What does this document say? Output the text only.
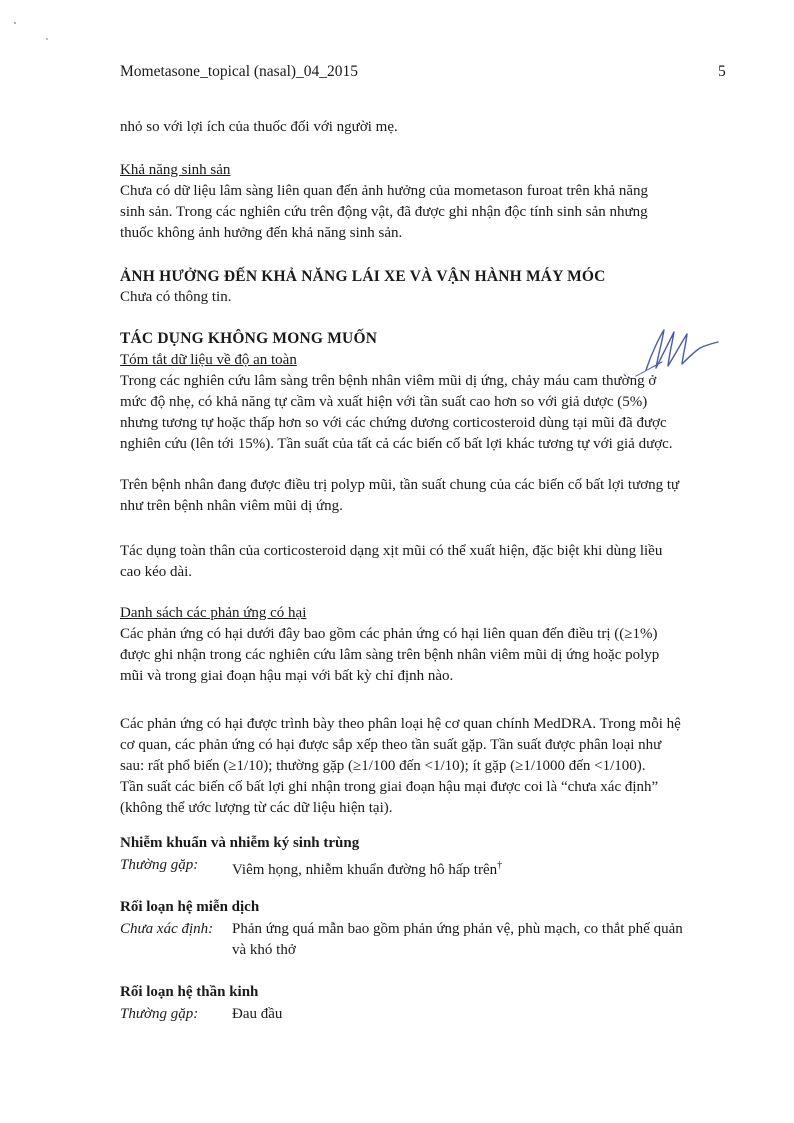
Mometasone_topical (nasal)_04_2015	5
nhỏ so với lợi ích của thuốc đối với người mẹ.
Khả năng sinh sản
Chưa có dữ liệu lâm sàng liên quan đến ảnh hưởng của mometason furoat trên khả năng
sinh sản. Trong các nghiên cứu trên động vật, đã được ghi nhận độc tính sinh sản nhưng
thuốc không ảnh hưởng đến khả năng sinh sản.
ẢNH HƯỞNG ĐẾN KHẢ NĂNG LÁI XE VÀ VẬN HÀNH MÁY MÓC
Chưa có thông tin.
TÁC DỤNG KHÔNG MONG MUỐN
Tóm tắt dữ liệu về độ an toàn
Trong các nghiên cứu lâm sàng trên bệnh nhân viêm mũi dị ứng, chảy máu cam thường ở
mức độ nhẹ, có khả năng tự cầm và xuất hiện với tần suất cao hơn so với giả dược (5%)
nhưng tương tự hoặc thấp hơn so với các chứng dương corticosteroid dùng tại mũi đã được
nghiên cứu (lên tới 15%). Tần suất của tất cả các biến cố bất lợi khác tương tự với giả dược.
Trên bệnh nhân đang được điều trị polyp mũi, tần suất chung của các biến cố bất lợi tương tự
như trên bệnh nhân viêm mũi dị ứng.
Tác dụng toàn thân của corticosteroid dạng xịt mũi có thể xuất hiện, đặc biệt khi dùng liều
cao kéo dài.
Danh sách các phản ứng có hại
Các phản ứng có hại dưới đây bao gồm các phản ứng có hại liên quan đến điều trị ((≥1%)
được ghi nhận trong các nghiên cứu lâm sàng trên bệnh nhân viêm mũi dị ứng hoặc polyp
mũi và trong giai đoạn hậu mại với bất kỳ chỉ định nào.
Các phản ứng có hại được trình bày theo phân loại hệ cơ quan chính MedDRA. Trong mỗi hệ
cơ quan, các phản ứng có hại được sắp xếp theo tần suất gặp. Tần suất được phân loại như
sau: rất phổ biến (≥1/10); thường gặp (≥1/100 đến <1/10); ít gặp (≥1/1000 đến <1/100).
Tần suất các biến cố bất lợi ghi nhận trong giai đoạn hậu mại được coi là “chưa xác định”
(không thể ước lượng từ các dữ liệu hiện tại).
Nhiễm khuẩn và nhiễm ký sinh trùng
Thường gặp: Viêm họng, nhiễm khuẩn đường hô hấp trên†
Rối loạn hệ miễn dịch
Chưa xác định: Phản ứng quá mẫn bao gồm phản ứng phản vệ, phù mạch, co thắt phế quản
và khó thở
Rối loạn hệ thần kinh
Thường gặp: Đau đầu
